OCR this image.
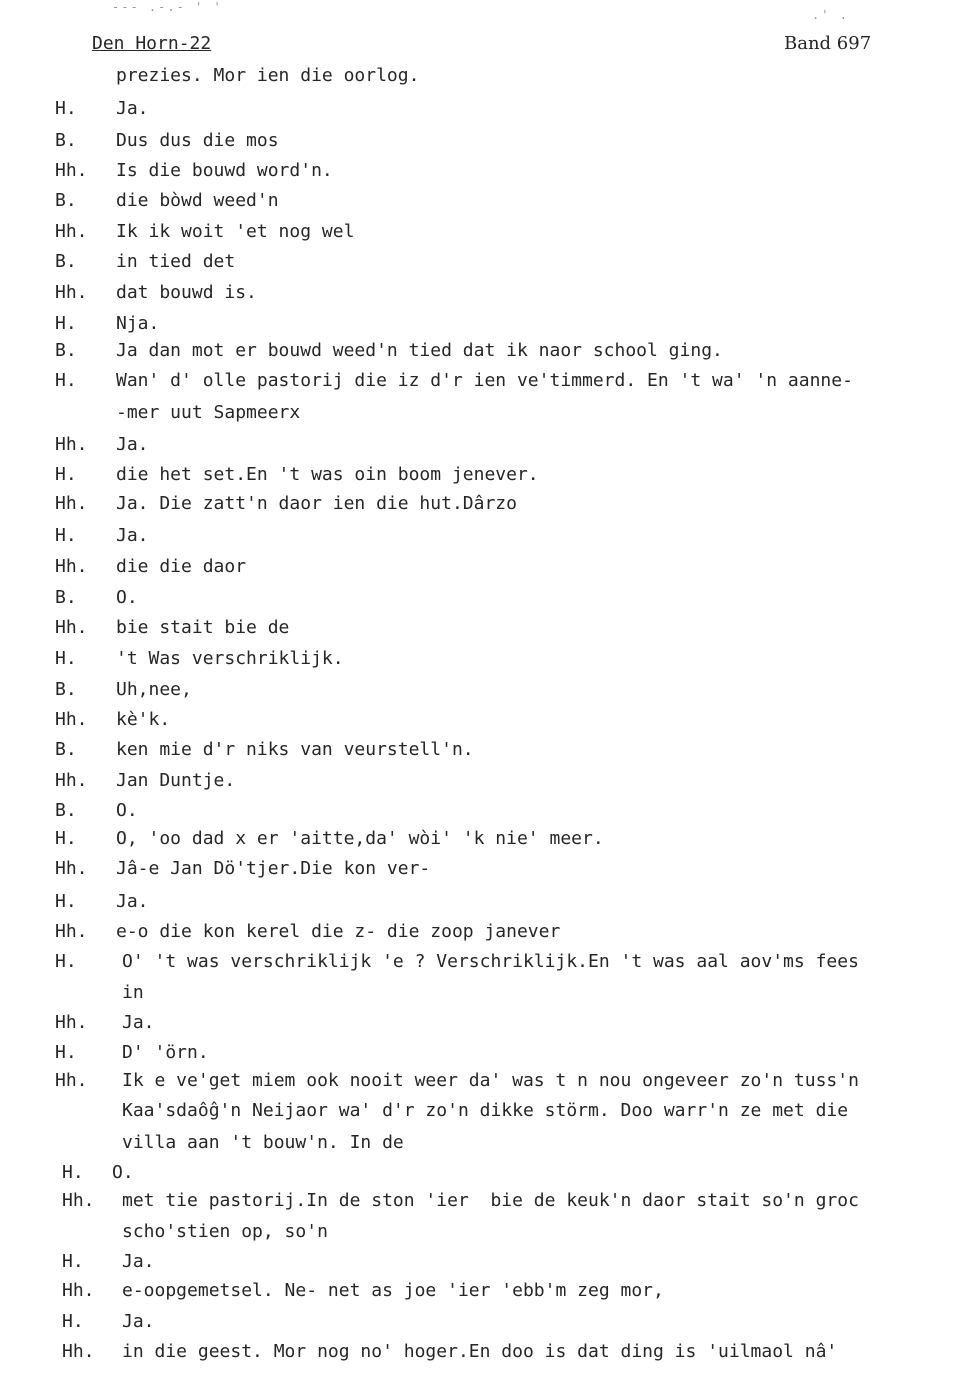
--- .-.- ' '
.' .
Den Horn-22	Band 697
prezies. Mor ien die oorlog.
H. Ja.
B. Dus dus die mos
Hh. Is die bouwd word'n.
B. die bòwd weed'n
Hh. Ik ik woit 'et nog wel
B. in tied det
Hh. dat bouwd is.
H. Nja.
B. Ja dan mot er bouwd weed'n tied dat ik naor school ging.
H. Wan' d' olle pastorij die iz d'r ien ve'timmerd. En 't wa' 'n aanne-
-mer uut Sapmeerx
Hh. Ja.
H. die het set.En 't was oin boom jenever.
Hh. Ja. Die zatt'n daor ien die hut.Dârzo
H. Ja.
Hh. die die daor
B. O.
Hh. bie stait bie de
H. 't Was verschriklijk.
B. Uh,nee,
Hh. kè'k.
B. ken mie d'r niks van veurstell'n.
Hh. Jan Duntje.
B. O.
H. O, 'oo dad x er 'aitte,da' wòi' 'k nie' meer.
Hh. Jâ-e Jan Dö'tjer.Die kon ver-
H. Ja.
Hh. e-o die kon kerel die z- die zoop janever
H.	O' 't was verschriklijk 'e ? Verschriklijk.En 't was aal aov'ms fees
in
Hh. Ja.
H.	D' 'örn.
Hh. Ik e ve'get miem ook nooit weer da' was t n nou ongeveer zo'n tuss'n
Kaa'sdaôĝ'n Neijaor wa' d'r zo'n dikke störm. Doo warr'n ze met die
villa aan 't bouw'n. In de
H. O.
Hh. met tie pastorij.In de ston 'ier  bie de keuk'n daor stait so'n groc
scho'stien op, so'n
H. Ja.
Hh. e-oopgemetsel. Ne- net as joe 'ier 'ebb'm zeg mor,
H. Ja.
Hh. in die geest. Mor nog no' hoger.En doo is dat ding is 'uilmaol nâ'
